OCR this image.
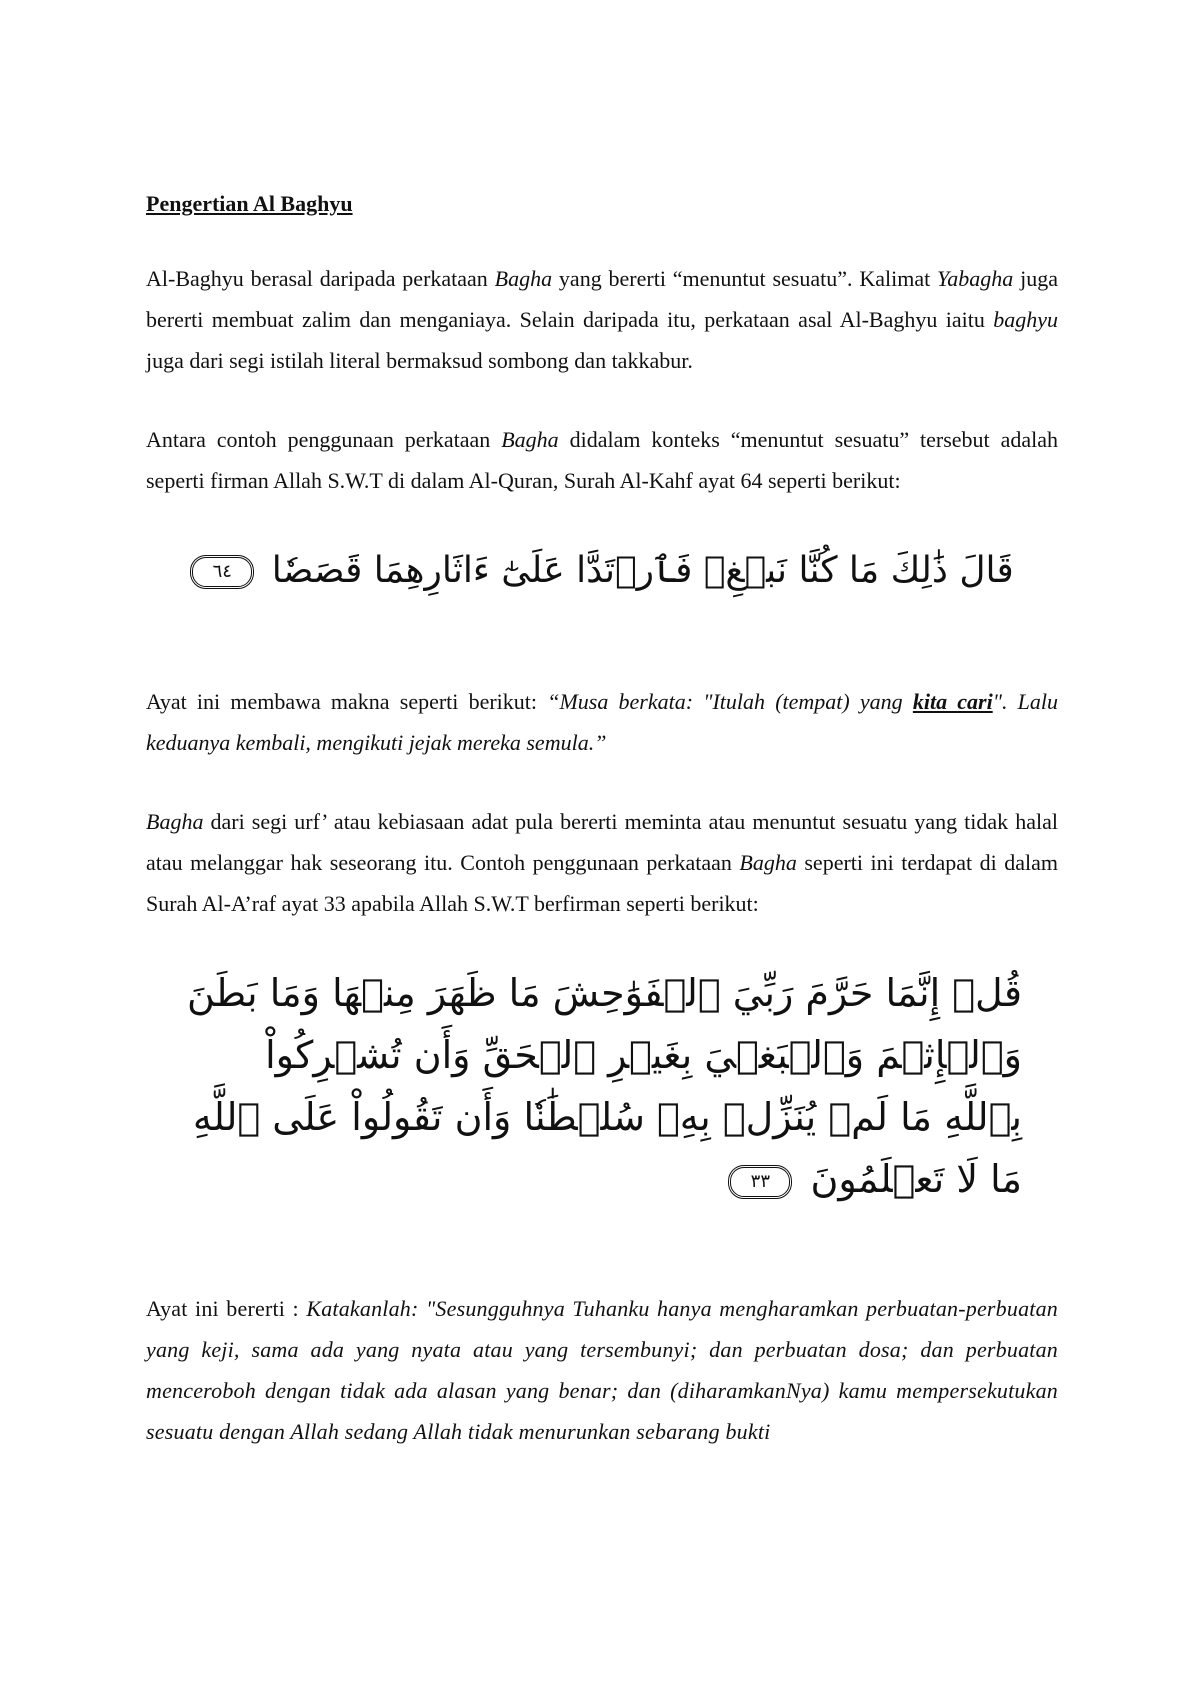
Pengertian Al Baghyu

Al-Baghyu berasal daripada perkataan Bagha yang bererti “menuntut sesuatu”. Kalimat Yabagha juga bererti membuat zalim dan menganiaya. Selain daripada itu, perkataan asal Al-Baghyu iaitu baghyu juga dari segi istilah literal bermaksud sombong dan takkabur.

Antara contoh penggunaan perkataan Bagha didalam konteks “menuntut sesuatu” tersebut adalah seperti firman Allah S.W.T di dalam Al-Quran, Surah Al-Kahf ayat 64 seperti berikut:

قَالَ ذَٰلِكَ مَا كُنَّا نَبۡغِۚ فَٱرۡتَدَّا عَلَىٰٓ ءَاثَارِهِمَا قَصَصٗا ٦٤

Ayat ini membawa makna seperti berikut: “Musa berkata: "Itulah (tempat) yang kita cari". Lalu keduanya kembali, mengikuti jejak mereka semula.”

Bagha dari segi urf’ atau kebiasaan adat pula bererti meminta atau menuntut sesuatu yang tidak halal atau melanggar hak seseorang itu. Contoh penggunaan perkataan Bagha seperti ini terdapat di dalam Surah Al-A’raf ayat 33 apabila Allah S.W.T berfirman seperti berikut:

قُلۡ إِنَّمَا حَرَّمَ رَبِّيَ ٱلۡفَوَٰحِشَ مَا ظَهَرَ مِنۡهَا وَمَا بَطَنَ وَٱلۡإِثۡمَ وَٱلۡبَغۡيَ بِغَيۡرِ ٱلۡحَقِّ وَأَن تُشۡرِكُواْ بِٱللَّهِ مَا لَمۡ يُنَزِّلۡ بِهِۦ سُلۡطَٰنٗا وَأَن تَقُولُواْ عَلَى ٱللَّهِ مَا لَا تَعۡلَمُونَ ٣٣

Ayat ini bererti : Katakanlah: "Sesungguhnya Tuhanku hanya mengharamkan perbuatan-perbuatan yang keji, sama ada yang nyata atau yang tersembunyi; dan perbuatan dosa; dan perbuatan menceroboh dengan tidak ada alasan yang benar; dan (diharamkanNya) kamu mempersekutukan sesuatu dengan Allah sedang Allah tidak menurunkan sebarang bukti
